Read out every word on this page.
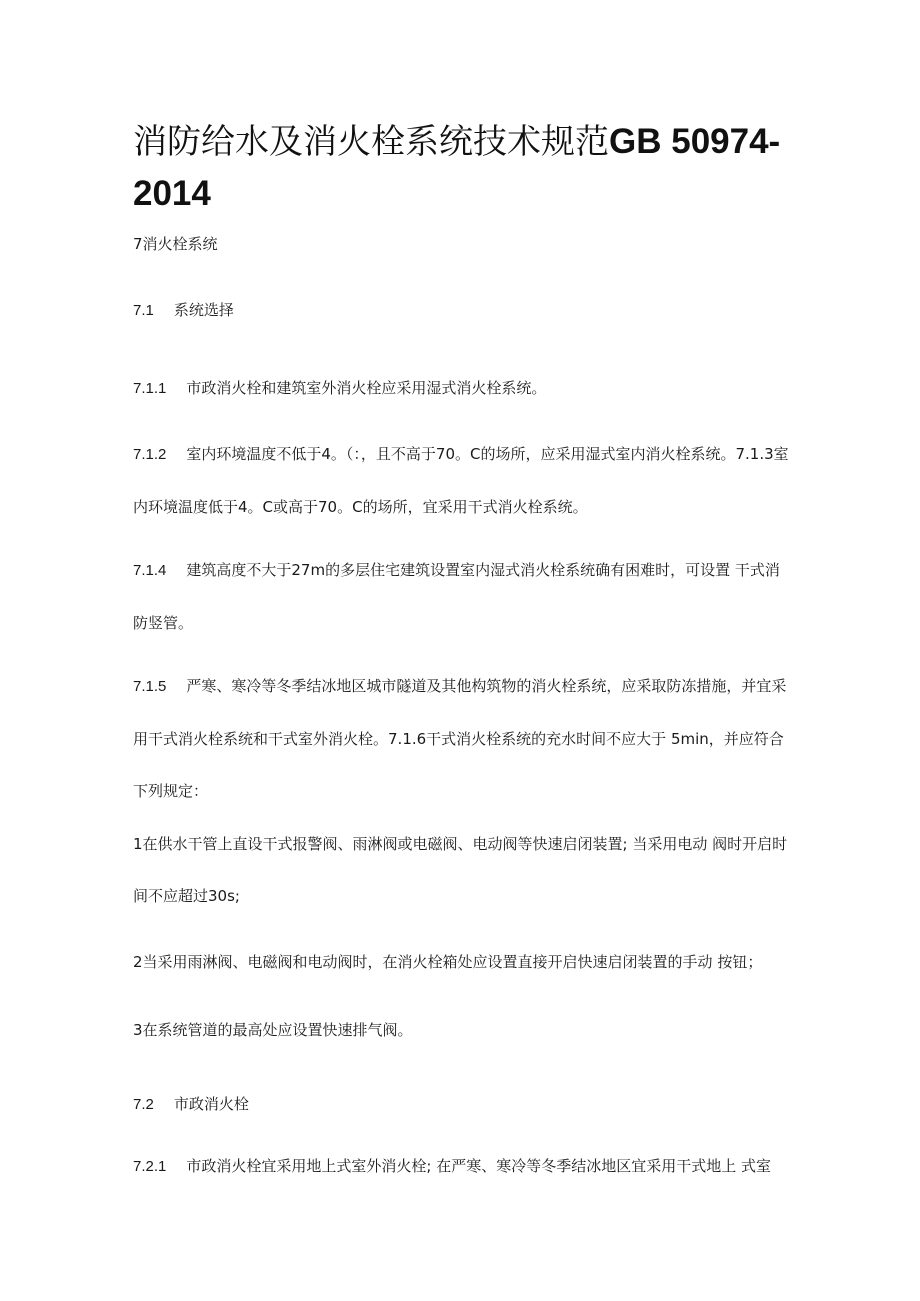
消防给水及消火栓系统技术规范GB 50974-
2014

7消火栓系统

7.1 系统选择

7.1.1 市政消火栓和建筑室外消火栓应采用湿式消火栓系统。

7.1.2 室内环境温度不低于4。（：，且不高于70。C的场所，应采用湿式室内消火栓系统。7.1.3室内环境温度低于4。C或高于70。C的场所，宜采用干式消火栓系统。

7.1.4 建筑高度不大于27m的多层住宅建筑设置室内湿式消火栓系统确有困难时，可设置 干式消防竖管。

7.1.5 严寒、寒冷等冬季结冰地区城市隧道及其他构筑物的消火栓系统，应采取防冻措施，并宜采用干式消火栓系统和干式室外消火栓。7.1.6干式消火栓系统的充水时间不应大于 5min，并应符合下列规定：

1在供水干管上直设干式报警阀、雨淋阀或电磁阀、电动阀等快速启闭装置; 当采用电动 阀时开启时间不应超过30s;

2当采用雨淋阀、电磁阀和电动阀时，在消火栓箱处应设置直接开启快速启闭装置的手动 按钮；

3在系统管道的最高处应设置快速排气阀。

7.2 市政消火栓

7.2.1 市政消火栓宜采用地上式室外消火栓; 在严寒、寒冷等冬季结冰地区宜采用干式地上 式室
